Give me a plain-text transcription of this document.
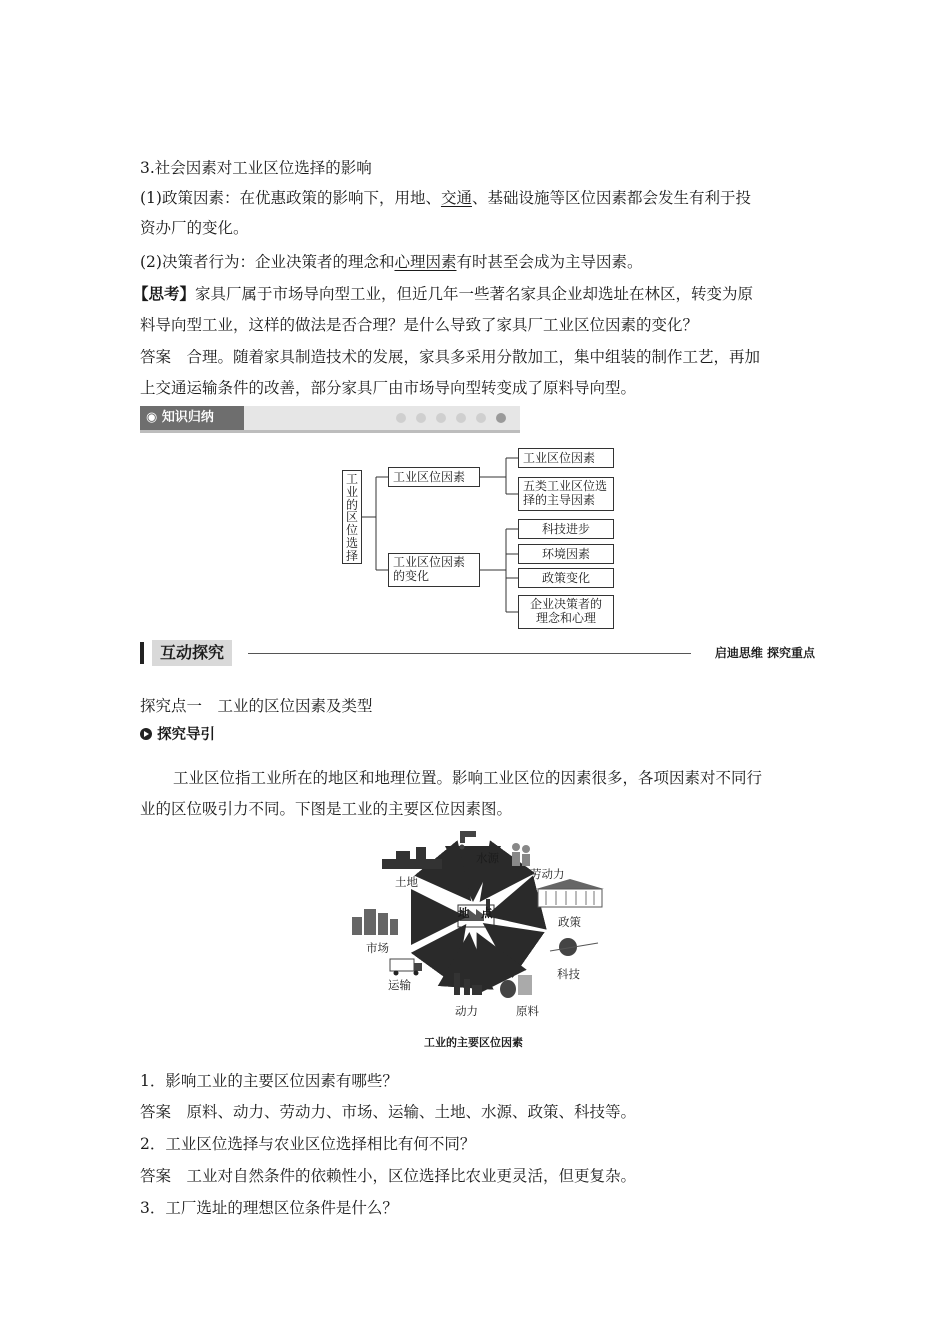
3.社会因素对工业区位选择的影响
(1)政策因素：在优惠政策的影响下，用地、交通、基础设施等区位因素都会发生有利于投
资办厂的变化。
(2)决策者行为：企业决策者的理念和心理因素有时甚至会成为主导因素。
【思考】家具厂属于市场导向型工业，但近几年一些著名家具企业却选址在林区，转变为原
料导向型工业，这样的做法是否合理？是什么导致了家具厂工业区位因素的变化？
答案　合理。随着家具制造技术的发展，家具多采用分散加工，集中组装的制作工艺，再加
上交通运输条件的改善，部分家具厂由市场导向型转变成了原料导向型。
◉ 知识归纳
工
业
的
区
位
选
择
工业区位因素
工业区位因素
五类工业区位选
择的主导因素
工业区位因素
的变化
科技进步
环境因素
政策变化
企业决策者的
理念和心理
互动探究	启迪思维 探究重点
探究点一　工业的区位因素及类型
探究导引
工业区位指工业所在的地区和地理位置。影响工业区位的因素很多，各项因素对不同行
业的区位吸引力不同。下图是工业的主要区位因素图。
地　点
水源
劳动力
土地
政策
市场
科技
运输
动力	原料
工业的主要区位因素
1．影响工业的主要区位因素有哪些？
答案　原料、动力、劳动力、市场、运输、土地、水源、政策、科技等。
2．工业区位选择与农业区位选择相比有何不同？
答案　工业对自然条件的依赖性小，区位选择比农业更灵活，但更复杂。
3．工厂选址的理想区位条件是什么？
